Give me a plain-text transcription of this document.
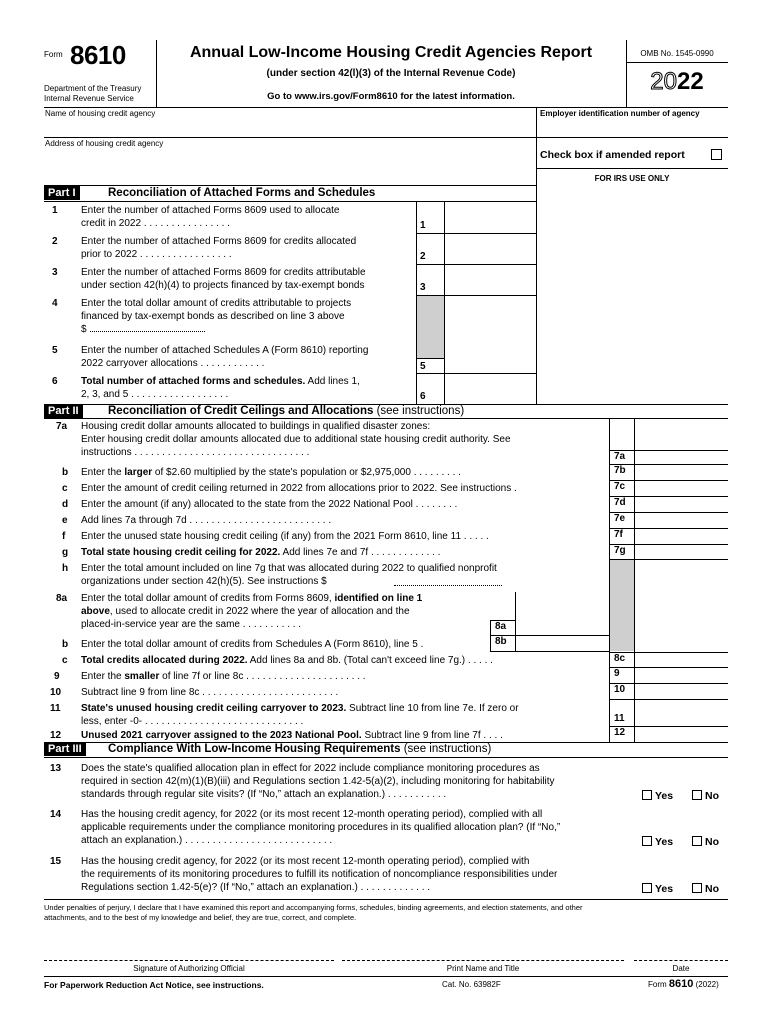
Form 8610
Department of the Treasury
Internal Revenue Service
Annual Low-Income Housing Credit Agencies Report
(under section 42(l)(3) of the Internal Revenue Code)
Go to www.irs.gov/Form8610 for the latest information.
OMB No. 1545-0990
2022
Name of housing credit agency	Employer identification number of agency
Address of housing credit agency
Check box if amended report
FOR IRS USE ONLY
Part I	Reconciliation of Attached Forms and Schedules
1 Enter the number of attached Forms 8609 used to allocate
credit in 2022 . . . . . . . . . . . . . . . .	1
2 Enter the number of attached Forms 8609 for credits allocated
prior to 2022 . . . . . . . . . . . . . . . . .	2
3 Enter the number of attached Forms 8609 for credits attributable
under section 42(h)(4) to projects financed by tax-exempt bonds	3
4 Enter the total dollar amount of credits attributable to projects
financed by tax-exempt bonds as described on line 3 above
$
5 Enter the number of attached Schedules A (Form 8610) reporting
2022 carryover allocations . . . . . . . . . . . .	5
6 Total number of attached forms and schedules. Add lines 1,
2, 3, and 5 . . . . . . . . . . . . . . . . . .	6
Part II	Reconciliation of Credit Ceilings and Allocations (see instructions)
7a Housing credit dollar amounts allocated to buildings in qualified disaster zones:
Enter housing credit dollar amounts allocated due to additional state housing credit authority. See
instructions . . . . . . . . . . . . . . . . . . . . . . . . . . . . . . . .	7a
b Enter the larger of $2.60 multiplied by the state's population or $2,975,000 . . . . . . . . .	7b
c Enter the amount of credit ceiling returned in 2022 from allocations prior to 2022. See instructions .	7c
d Enter the amount (if any) allocated to the state from the 2022 National Pool . . . . . . . .	7d
e Add lines 7a through 7d . . . . . . . . . . . . . . . . . . . . . . . . . .	7e
f Enter the unused state housing credit ceiling (if any) from the 2021 Form 8610, line 11 . . . . .	7f
g Total state housing credit ceiling for 2022. Add lines 7e and 7f . . . . . . . . . . . . .	7g
h Enter the total amount included on line 7g that was allocated during 2022 to qualified nonprofit
organizations under section 42(h)(5). See instructions $
8a Enter the total dollar amount of credits from Forms 8609, identified on line 1
above, used to allocate credit in 2022 where the year of allocation and the
placed-in-service year are the same . . . . . . . . . . .	8a
b Enter the total dollar amount of credits from Schedules A (Form 8610), line 5 .	8b
c Total credits allocated during 2022. Add lines 8a and 8b. (Total can't exceed line 7g.) . . . . .	8c
9 Enter the smaller of line 7f or line 8c . . . . . . . . . . . . . . . . . . . . . .	9
10 Subtract line 9 from line 8c . . . . . . . . . . . . . . . . . . . . . . . . .	10
11 State's unused housing credit ceiling carryover to 2023. Subtract line 10 from line 7e. If zero or
less, enter -0- . . . . . . . . . . . . . . . . . . . . . . . . . . . . .	11
12 Unused 2021 carryover assigned to the 2023 National Pool. Subtract line 9 from line 7f . . . .	12
Part III	Compliance With Low-Income Housing Requirements (see instructions)
13 Does the state's qualified allocation plan in effect for 2022 include compliance monitoring procedures as
required in section 42(m)(1)(B)(iii) and Regulations section 1.42-5(a)(2), including monitoring for habitability
standards through regular site visits? (If “No,” attach an explanation.) . . . . . . . . . . .	Yes	No
14 Has the housing credit agency, for 2022 (or its most recent 12-month operating period), complied with all
applicable requirements under the compliance monitoring procedures in its qualified allocation plan? (If “No,”
attach an explanation.) . . . . . . . . . . . . . . . . . . . . . . . . . . .	Yes	No
15 Has the housing credit agency, for 2022 (or its most recent 12-month operating period), complied with
the requirements of its monitoring procedures to fulfill its notification of noncompliance responsibilities under
Regulations section 1.42-5(e)? (If “No,” attach an explanation.) . . . . . . . . . . . . .	Yes	No
Under penalties of perjury, I declare that I have examined this report and accompanying forms, schedules, binding agreements, and election statements, and other
attachments, and to the best of my knowledge and belief, they are true, correct, and complete.
Signature of Authorizing Official	Print Name and Title	Date
For Paperwork Reduction Act Notice, see instructions.	Cat. No. 63982F	Form 8610 (2022)
